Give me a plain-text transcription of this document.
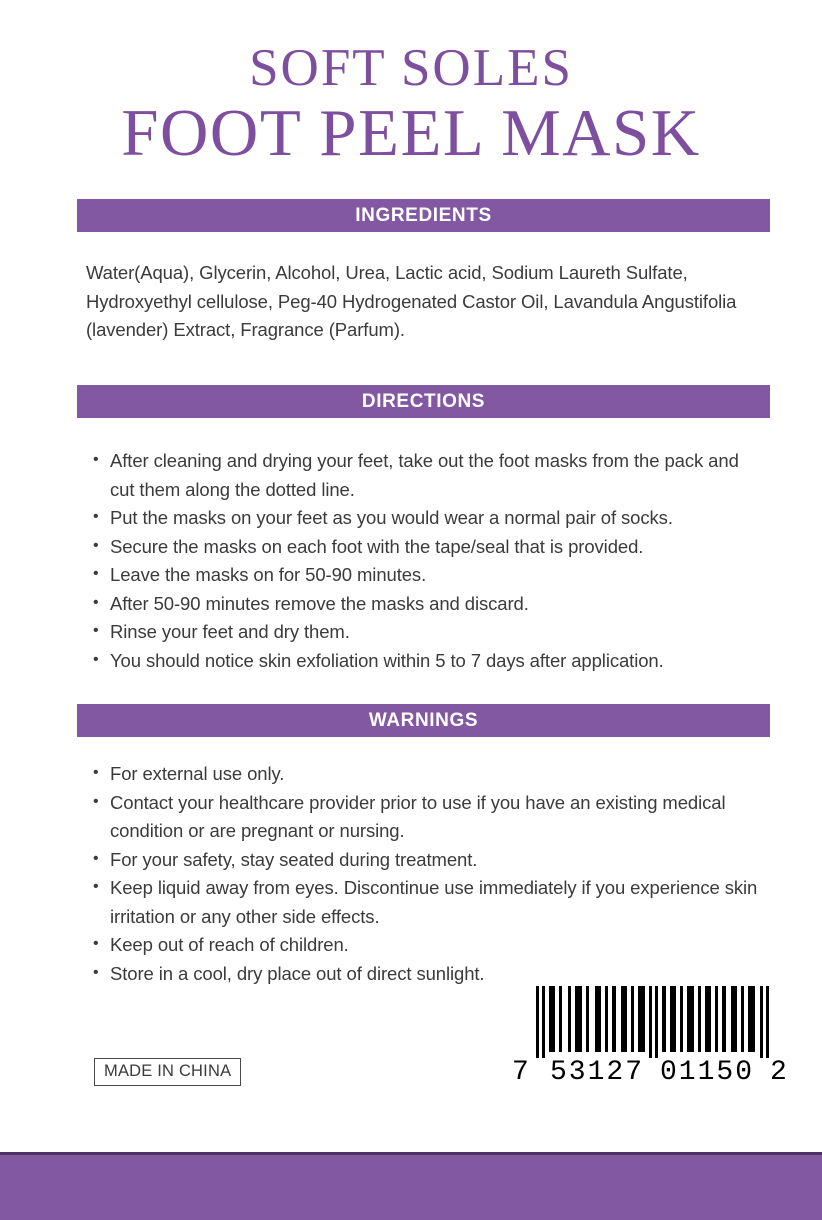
SOFT SOLES
FOOT PEEL MASK
INGREDIENTS
Water(Aqua), Glycerin, Alcohol, Urea, Lactic acid, Sodium Laureth Sulfate, Hydroxyethyl cellulose, Peg-40 Hydrogenated Castor Oil, Lavandula Angustifolia (lavender) Extract, Fragrance (Parfum).
DIRECTIONS
• After cleaning and drying your feet, take out the foot masks from the pack and cut them along the dotted line.
• Put the masks on your feet as you would wear a normal pair of socks.
• Secure the masks on each foot with the tape/seal that is provided.
• Leave the masks on for 50-90 minutes.
• After 50-90 minutes remove the masks and discard.
• Rinse your feet and dry them.
• You should notice skin exfoliation within 5 to 7 days after application.
WARNINGS
• For external use only.
• Contact your healthcare provider prior to use if you have an existing medical condition or are pregnant or nursing.
• For your safety, stay seated during treatment.
• Keep liquid away from eyes. Discontinue use immediately if you experience skin irritation or any other side effects.
• Keep out of reach of children.
• Store in a cool, dry place out of direct sunlight.
MADE IN CHINA	7 53127 01150 2
